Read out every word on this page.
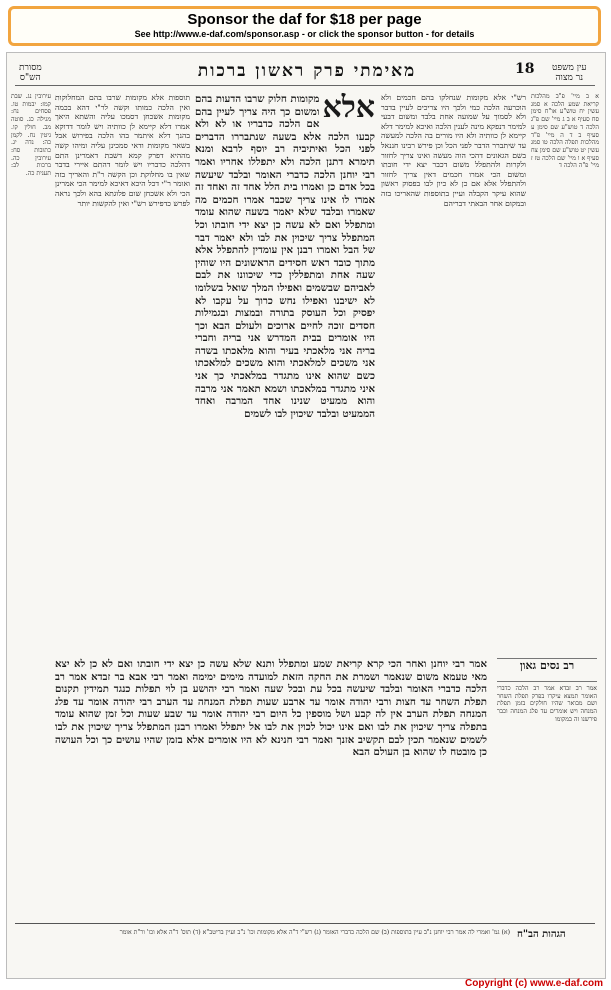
Sponsor the daf for $18 per page
See http://www.e-daf.com/sponsor.asp - or click the sponsor button - for details
מסורת
הש"ס	מאימתי פרק ראשון ברכות	18	עין משפט
נר מצוה
עירובין נג. שבת קמז: יבמות טו. פסחים נח: מגילה כג. סוטה מב. חולין קו. גיטין נח. לקמן כה: נדה יג. כתובות סח: עירובין כה. ברכות לב: תענית כה.
תוספות אלא מקומות שרבו בהם המחלוקות ואין הלכה כמותו וקשה לר"י דהא בכמה מקומות אשכחן דסמכו עליה והשתא היאך אמרו דלא קיימא לן כוותיה ויש לומר דדוקא בהנך דלא איתמר בהו הלכה בפירוש אבל בשאר מקומות ודאי סמכינן עליה ומיהו קשה מההיא דפרק קמא דשבת דאמרינן התם דהלכה כדבריו ויש לומר דהתם איירי בדבר שאין בו מחלוקת וכן הקשה ר"ת והאריך בזה ואומר ר"י דכל היכא דאיכא למימר הכי אמרינן הכי ולא אשכחן שום פלוגתא בהא ולכך נראה לפרש כדפירש רש"י ואין להקשות יותר
אלא
מקומות חלוק שרבו הדעות בהם ומשום כך היה צריך לעיין בהם אם הלכה כדבריו או לא ולא קבעו הלכה אלא בשעה שנתבררו הדברים לפני הכל ואיתיביה רב יוסף לרבא ומנא תימרא דתנן הלכה ולא יתפללו אחריו ואמר רבי יוחנן הלכה כדברי האומר ובלבד שיעשה בכל אדם כן ואמרו בית הלל אחד זה ואחד זה אמרו לו אינו צריך שכבר אמרו חכמים מה שאמרו ובלבד שלא יאמר בשעה שהוא עומד ומתפלל ואם לא עשה כן יצא ידי חובתו וכל המתפלל צריך שיכוין את לבו ולא יאמר דבר של הבל ואמרו רבנן אין עומדין להתפלל אלא מתוך כובד ראש חסידים הראשונים היו שוהין שעה אחת ומתפללין כדי שיכוונו את לבם לאביהם שבשמים ואפילו המלך שואל בשלומו לא ישיבנו ואפילו נחש כרוך על עקבו לא יפסיק וכל העוסק בתורה ובמצות ובגמילות חסדים זוכה לחיים ארוכים ולעולם הבא וכך היו אומרים בבית המדרש אני בריה וחברי בריה אני מלאכתי בעיר והוא מלאכתו בשדה אני משכים למלאכתי והוא משכים למלאכתו כשם שהוא אינו מתגדר במלאכתי כך אני איני מתגדר במלאכתו ושמא תאמר אני מרבה והוא ממעיט שנינו אחד המרבה ואחד הממעיט ובלבד שיכוין לבו לשמים
רש"י אלא מקומות שנחלקו בהם חכמים ולא הוכרעה הלכה כמי ולכך היו צריכים לעיין בדבר ולא לסמוך על שמועה אחת בלבד ומשום דבעי למימר דנפקא מינה לענין הלכה ואיכא למימר דלא קיימא לן כוותיה ולא היו מורים בה הלכה למעשה עד שיתברר הדבר לפני הכל וכן פירש רבינו חננאל בשם הגאונים דהכי הוה מעשה ואינו צריך לחזור ולקרות ולהתפלל משום דכבר יצא ידי חובתו ומשום הכי אמרו חכמים דאין צריך לחזור ולהתפלל אלא אם כן לא כיון לבו בפסוק ראשון שהוא עיקר הקבלה ועיין בתוספות שהאריכו בזה ובמקום אחר הבאתי דבריהם
א ב מיי' פ"ב מהלכות קריאת שמע הלכה א סמג עשין יח טוש"ע או"ח סימן סח סעיף א ב ג מיי' שם פ"ג הלכה ד טוש"ע שם סימן ע סעיף ב ד ה מיי' פ"ד מהלכות תפלה הלכה טו סמג עשין יט טוש"ע שם סימן צח סעיף א ו מיי' שם הלכה טז ז מיי' פ"ה הלכה ד
אמר רבי יוחנן ואחר הכי קרא קריאת שמע ומתפלל ותנא שלא עשה כן יצא ידי חובתו ואם לא כן לא יצא מאי טעמא משום שנאמר ושמרת את החקה הזאת למועדה מימים ימימה ואמר רבי אבא בר זבדא אמר רב הלכה כדברי האומר ובלבד שיעשה בכל עת ובכל שעה ואמר רבי יהושע בן לוי תפלות כנגד תמידין תקנום תפלת השחר עד חצות ורבי יהודה אומר עד ארבע שעות תפלת המנחה עד הערב רבי יהודה אומר עד פלג המנחה תפלת הערב אין לה קבע ושל מוספין כל היום רבי יהודה אומר עד שבע שעות וכל זמן שהוא עומד בתפלה צריך שיכוין את לבו ואם אינו יכול לכוין את לבו אל יתפלל ואמרו רבנן המתפלל צריך שיכוין את לבו לשמים שנאמר תכין לבם תקשיב אזנך ואמר רבי חנינא לא היו אומרים אלא בזמן שהיו עושים כך וכל העושה כן מובטח לו שהוא בן העולם הבא
רב נסים גאון
אמר רב זבדא אמר רב הלכה כדברי האומר תמצא עיקרו בפרק תפלת השחר ושם מבואר שהיו חולקים בזמן תפלת המנחה ויש אומרים עד פלג המנחה וכבר פירשנו זה במקומו
הגהות הב"ח
(א) גמ' ואמרי לה אמר רבי יוחנן נ"ב עיין בתוספות (ב) שם הלכה כדברי האומר (ג) רש"י ד"ה אלא מקומות וכו' נ"ב ועיין בריטב"א (ד) תוס' ד"ה אלא וכו' ור"ת אומר
Copyright (c) www.e-daf.com
